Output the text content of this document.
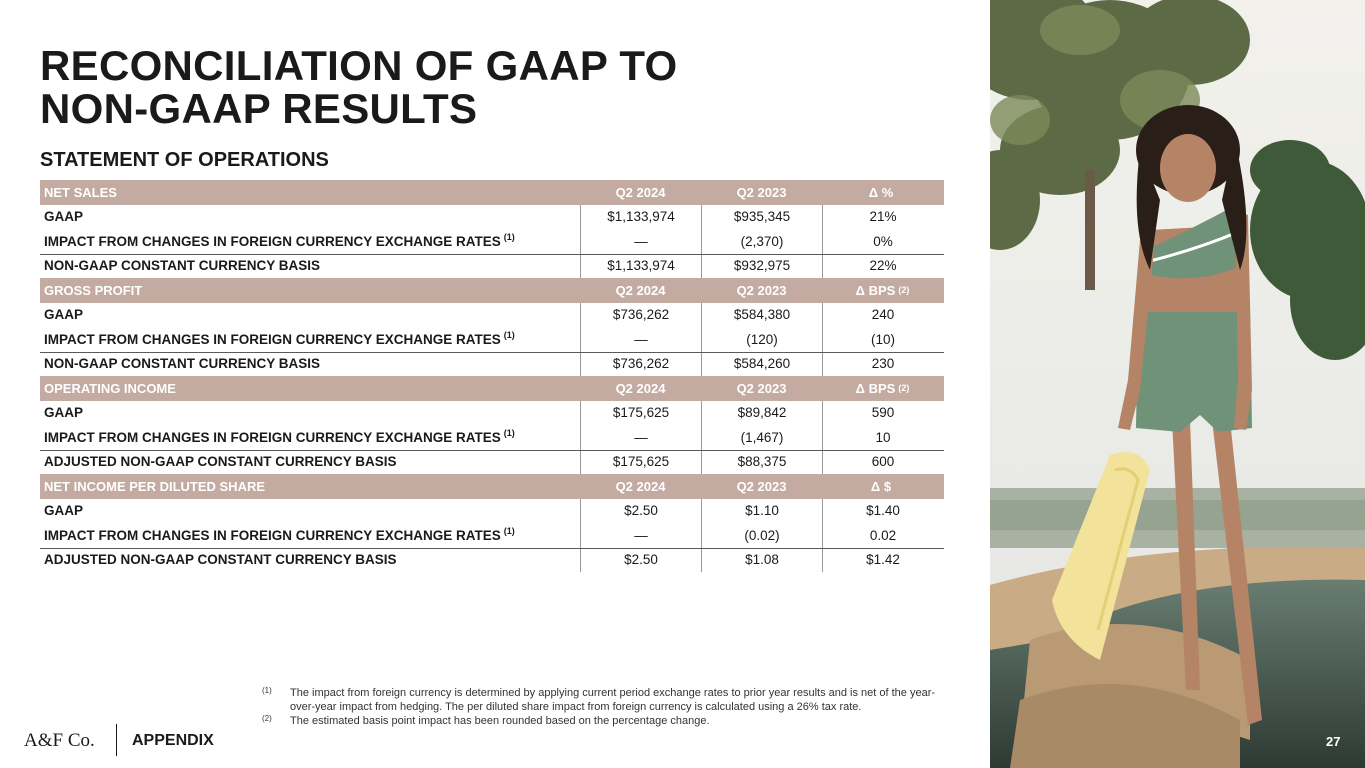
RECONCILIATION OF GAAP TO
NON-GAAP RESULTS
STATEMENT OF OPERATIONS
NET SALES	Q2 2024	Q2 2023	Δ %
GAAP	$1,133,974	$935,345	21%
IMPACT FROM CHANGES IN FOREIGN CURRENCY EXCHANGE RATES $^{(1)}$	—	(2,370)	0%
NON-GAAP CONSTANT CURRENCY BASIS	$1,133,974	$932,975	22%
GROSS PROFIT	Q2 2024	Q2 2023	Δ BPS (2)
GAAP	$736,262	$584,380	240
IMPACT FROM CHANGES IN FOREIGN CURRENCY EXCHANGE RATES $^{(1)}$	—	(120)	(10)
NON-GAAP CONSTANT CURRENCY BASIS	$736,262	$584,260	230
OPERATING INCOME	Q2 2024	Q2 2023	Δ BPS (2)
GAAP	$175,625	$89,842	590
IMPACT FROM CHANGES IN FOREIGN CURRENCY EXCHANGE RATES $^{(1)}$	—	(1,467)	10
ADJUSTED NON-GAAP CONSTANT CURRENCY BASIS	$175,625	$88,375	600
NET INCOME PER DILUTED SHARE	Q2 2024	Q2 2023	Δ $
GAAP	$2.50	$1.10	$1.40
IMPACT FROM CHANGES IN FOREIGN CURRENCY EXCHANGE RATES $^{(1)}$	—	(0.02)	0.02
ADJUSTED NON-GAAP CONSTANT CURRENCY BASIS	$2.50	$1.08	$1.42
(1)	The impact from foreign currency is determined by applying current period exchange rates to prior year results and is net of the year-over-year impact from hedging. The per diluted share impact from foreign currency is calculated using a 26% tax rate.
(2)	The estimated basis point impact has been rounded based on the percentage change.
A&F Co. APPENDIX	27
